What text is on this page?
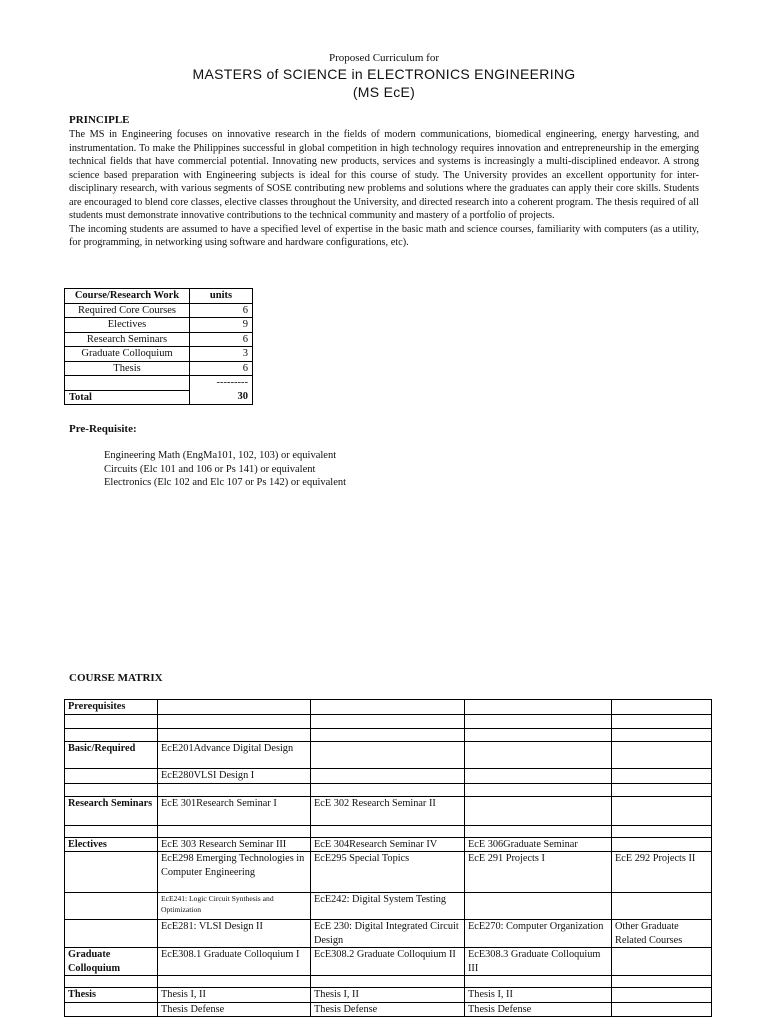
Proposed Curriculum for
MASTERS of SCIENCE in ELECTRONICS ENGINEERING
(MS EcE)
PRINCIPLE

The MS in Engineering focuses on innovative research in the fields of modern communications, biomedical engineering, energy harvesting, and instrumentation. To make the Philippines successful in global competition in high technology requires innovation and entrepreneurship in the emerging technical fields that have commercial potential. Innovating new products, services and systems is increasingly a multi-disciplined endeavor. A strong science based preparation with Engineering subjects is ideal for this course of study. The University provides an excellent opportunity for inter-disciplinary research, with various segments of SOSE contributing new problems and solutions where the graduates can apply their core skills. Students are encouraged to blend core classes, elective classes throughout the University, and directed research into a coherent program. The thesis required of all students must demonstrate innovative contributions to the technical community and mastery of a portfolio of projects.

The incoming students are assumed to have a specified level of expertise in the basic math and science courses, familiarity with computers (as a utility, for programming, in networking using software and hardware configurations, etc).

Course/Research Work	units
Required Core Courses	6
Electives	9
Research Seminars	6
Graduate Colloquium	3
Thesis	6
	---------
Total	30
Pre-Requisite:
Engineering Math (EngMa101, 102, 103) or equivalent
Circuits (Elc 101 and 106 or Ps 141) or equivalent
Electronics (Elc 102 and Elc 107 or Ps 142) or equivalent
COURSE MATRIX
Prerequisites				

Basic/Required	EcE201Advance Digital Design			
	EcE280VLSI Design I			

Research Seminars	EcE 301Research Seminar I	EcE 302 Research Seminar II		

Electives	EcE 303 Research Seminar III	EcE 304Research Seminar IV	EcE 306Graduate Seminar	
	EcE298 Emerging Technologies in Computer Engineering	EcE295 Special Topics	EcE 291 Projects I	EcE 292 Projects II
	EcE241: Logic Circuit Synthesis and Optimization	EcE242: Digital System Testing		
	EcE281: VLSI Design II	EcE 230: Digital Integrated Circuit Design	EcE270: Computer Organization	Other Graduate Related Courses
Graduate Colloquium	EcE308.1 Graduate Colloquium I	EcE308.2 Graduate Colloquium II	EcE308.3 Graduate Colloquium III	

Thesis	Thesis I, II	Thesis I, II	Thesis I, II	
	Thesis Defense	Thesis Defense	Thesis Defense	
